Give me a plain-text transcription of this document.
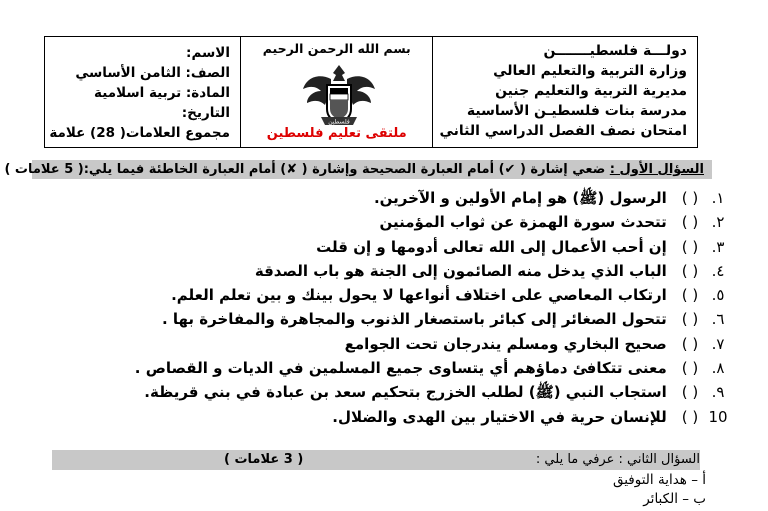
الاسم:
الصف: الثامن الأساسي
المادة: تربية اسلامية
التاريخ:
مجموع العلامات( 28) علامة
بسم الله الرحمن الرحيم
فلسطين
ملتقى تعليم فلسطين
دولـــة فلسطيـــــــن
وزارة التربية والتعليم العالي
مديرية التربية والتعليم جنين
مدرسة بنات فلسطيـن الأساسية
امتحان نصف الفصل الدراسي الثاني
السؤال الأول : ضعي إشارة ( ✔) أمام العبارة الصحيحة وإشارة ( ✘) أمام العبارة الخاطئة فيما يلي:( 5 علامات )
١.( ) الرسول (ﷺ) هو إمام الأولين و الآخرين.
٢.( ) تتحدث سورة الهمزة عن ثواب المؤمنين
٣.( ) إن أحب الأعمال إلى الله تعالى أدومها و إن قلت
٤.( ) الباب الذي يدخل منه الصائمون إلى الجنة هو باب الصدقة
٥.( ) ارتكاب المعاصي على اختلاف أنواعها لا يحول بينك و بين تعلم العلم.
٦.( ) تتحول الصغائر إلى كبائر باستصغار الذنوب والمجاهرة والمفاخرة بها .
٧.( ) صحيح البخاري ومسلم يندرجان تحت الجوامع
٨.( ) معنى تتكافئ دماؤهم أي يتساوى جميع المسلمين في الديات و القصاص .
٩.( ) استجاب النبي (ﷺ) لطلب الخزرج بتحكيم سعد بن عبادة في بني قريظة.
10( ) للإنسان حرية في الاختيار بين الهدى والضلال.
السؤال الثاني : عرفي ما يلي :
( 3 علامات )
أ – هداية التوفيق
ب – الكبائر
